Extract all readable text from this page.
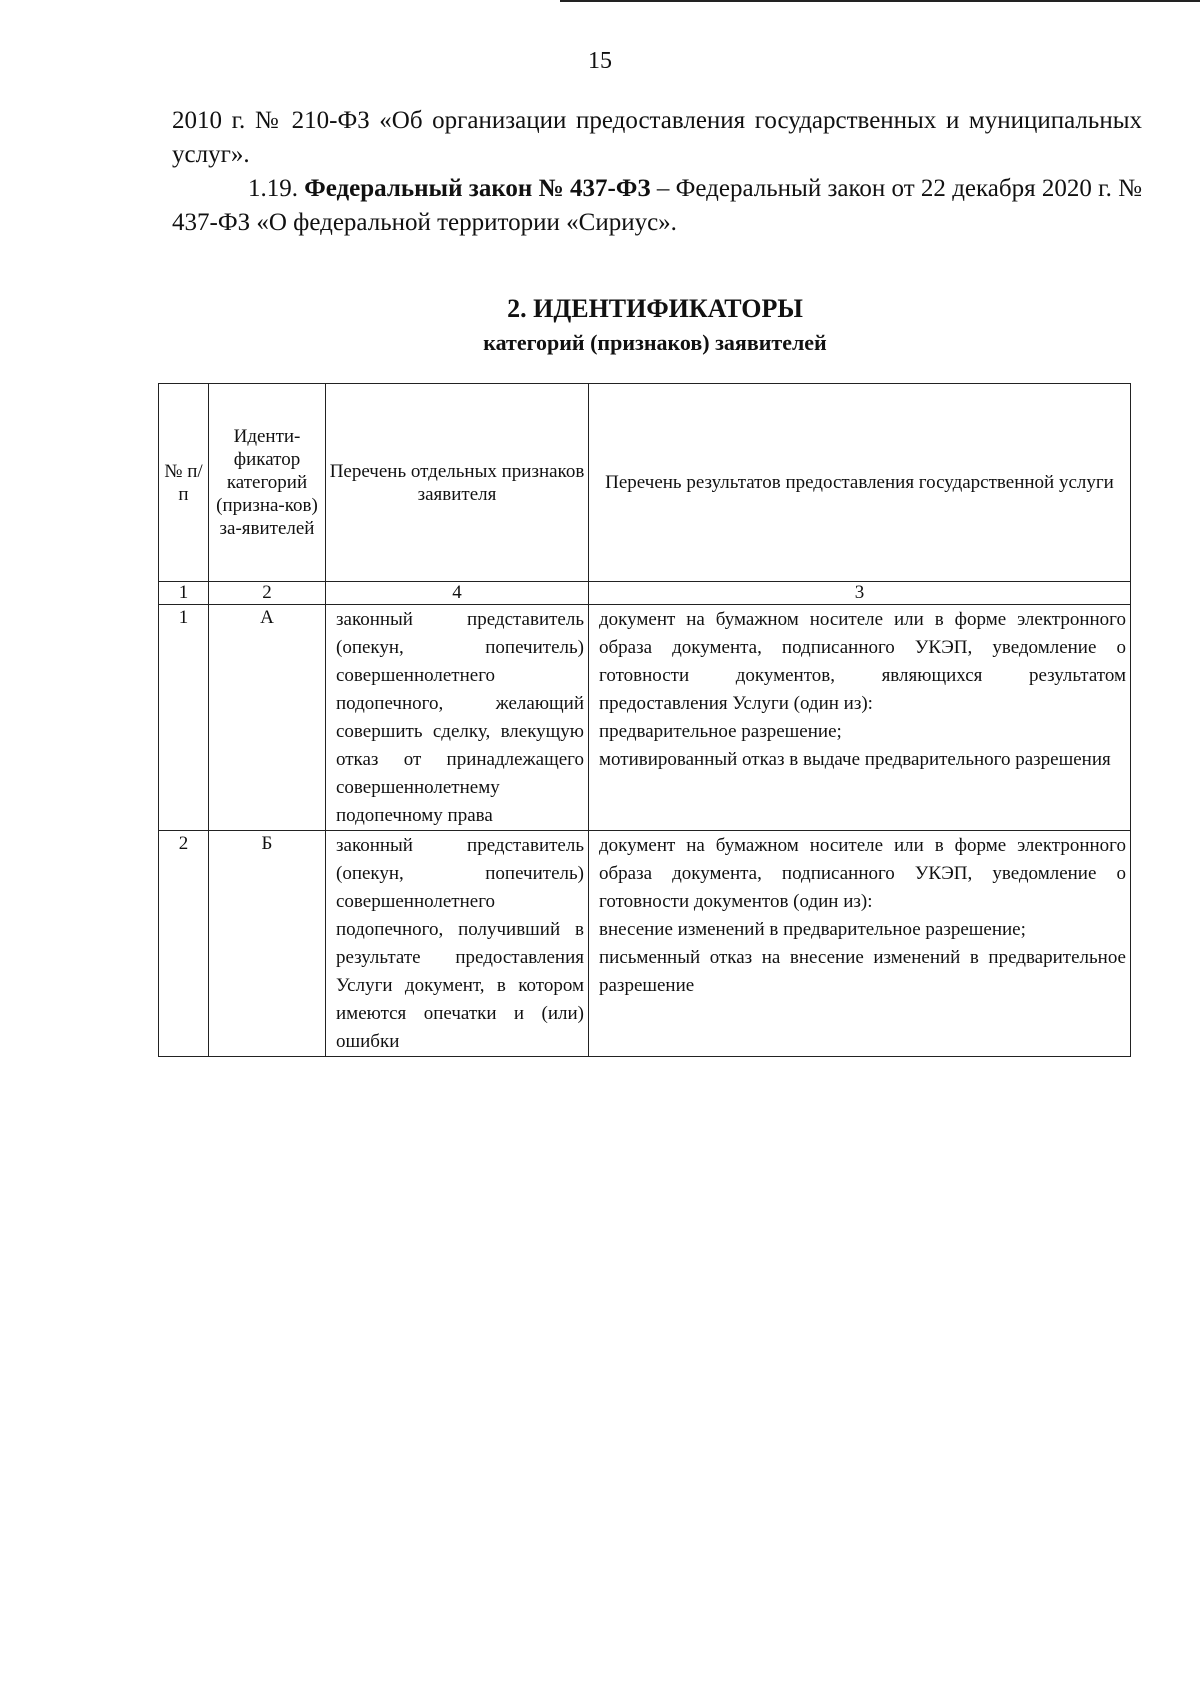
15
2010 г. № 210-ФЗ «Об организации предоставления государственных и муниципальных услуг».
1.19. Федеральный закон № 437-ФЗ – Федеральный закон от 22 декабря 2020 г. № 437-ФЗ «О федеральной территории «Сириус».
2. ИДЕНТИФИКАТОРЫ
категорий (признаков) заявителей
№ п/п	Иденти-фикатор категорий (призна-ков) за-явителей	Перечень отдельных признаков заявителя	Перечень результатов предоставления государственной услуги
1	2	4	3
1	А	законный представитель (опекун, попечитель) совершеннолетнего подопечного, желающий совершить сделку, влекущую отказ от принадлежащего совершеннолетнему подопечному права	документ на бумажном носителе или в форме электронного образа документа, подписанного УКЭП, уведомление о готовности документов, являющихся результатом предоставления Услуги (один из):
предварительное разрешение;
мотивированный отказ в выдаче предварительного разрешения

2	Б	законный представитель (опекун, попечитель) совершеннолетнего подопечного, получивший в результате предоставления Услуги документ, в котором имеются опечатки и (или) ошибки	документ на бумажном носителе или в форме электронного образа документа, подписанного УКЭП, уведомление о готовности документов (один из):
внесение изменений в предварительное разрешение;
письменный отказ на внесение изменений в предварительное разрешение
